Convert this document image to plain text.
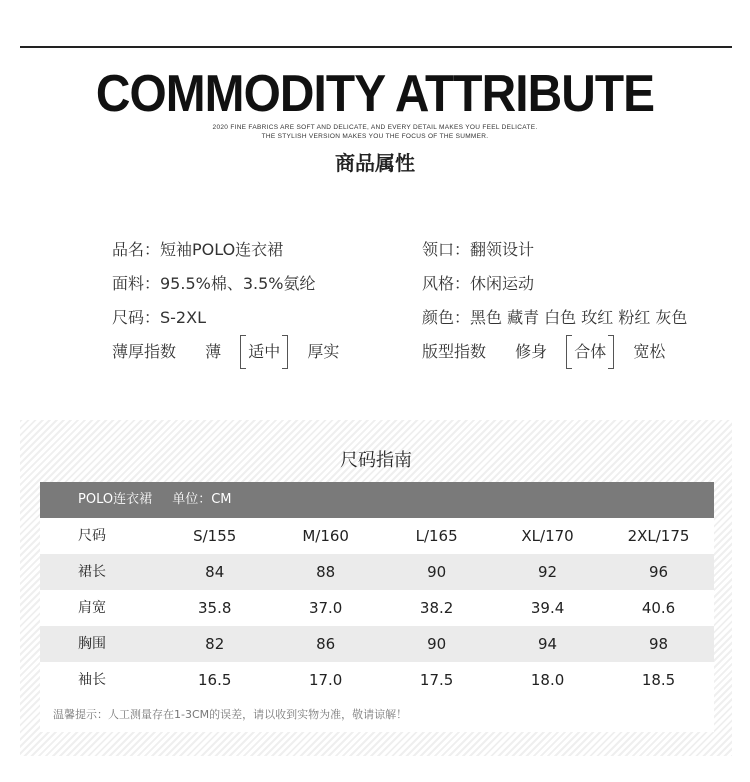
COMMODITY ATTRIBUTE
2020 FINE FABRICS ARE SOFT AND DELICATE, AND EVERY DETAIL MAKES YOU FEEL DELICATE.
THE STYLISH VERSION MAKES YOU THE FOCUS OF THE SUMMER.
商品属性
品名：短袖POLO连衣裙
面料：95.5%棉、3.5%氨纶
尺码：S-2XL
薄厚指数 薄 适中 厚实
领口：翻领设计
风格：休闲运动
颜色：黑色 藏青 白色 玫红 粉红 灰色
版型指数 修身 合体 宽松
尺码指南
POLO连衣裙 单位：CM
尺码	S/155	M/160	L/165	XL/170	2XL/175
裙长	84	88	90	92	96
肩宽	35.8	37.0	38.2	39.4	40.6
胸围	82	86	90	94	98
袖长	16.5	17.0	17.5	18.0	18.5
温馨提示：人工测量存在1-3CM的误差，请以收到实物为准，敬请谅解！
